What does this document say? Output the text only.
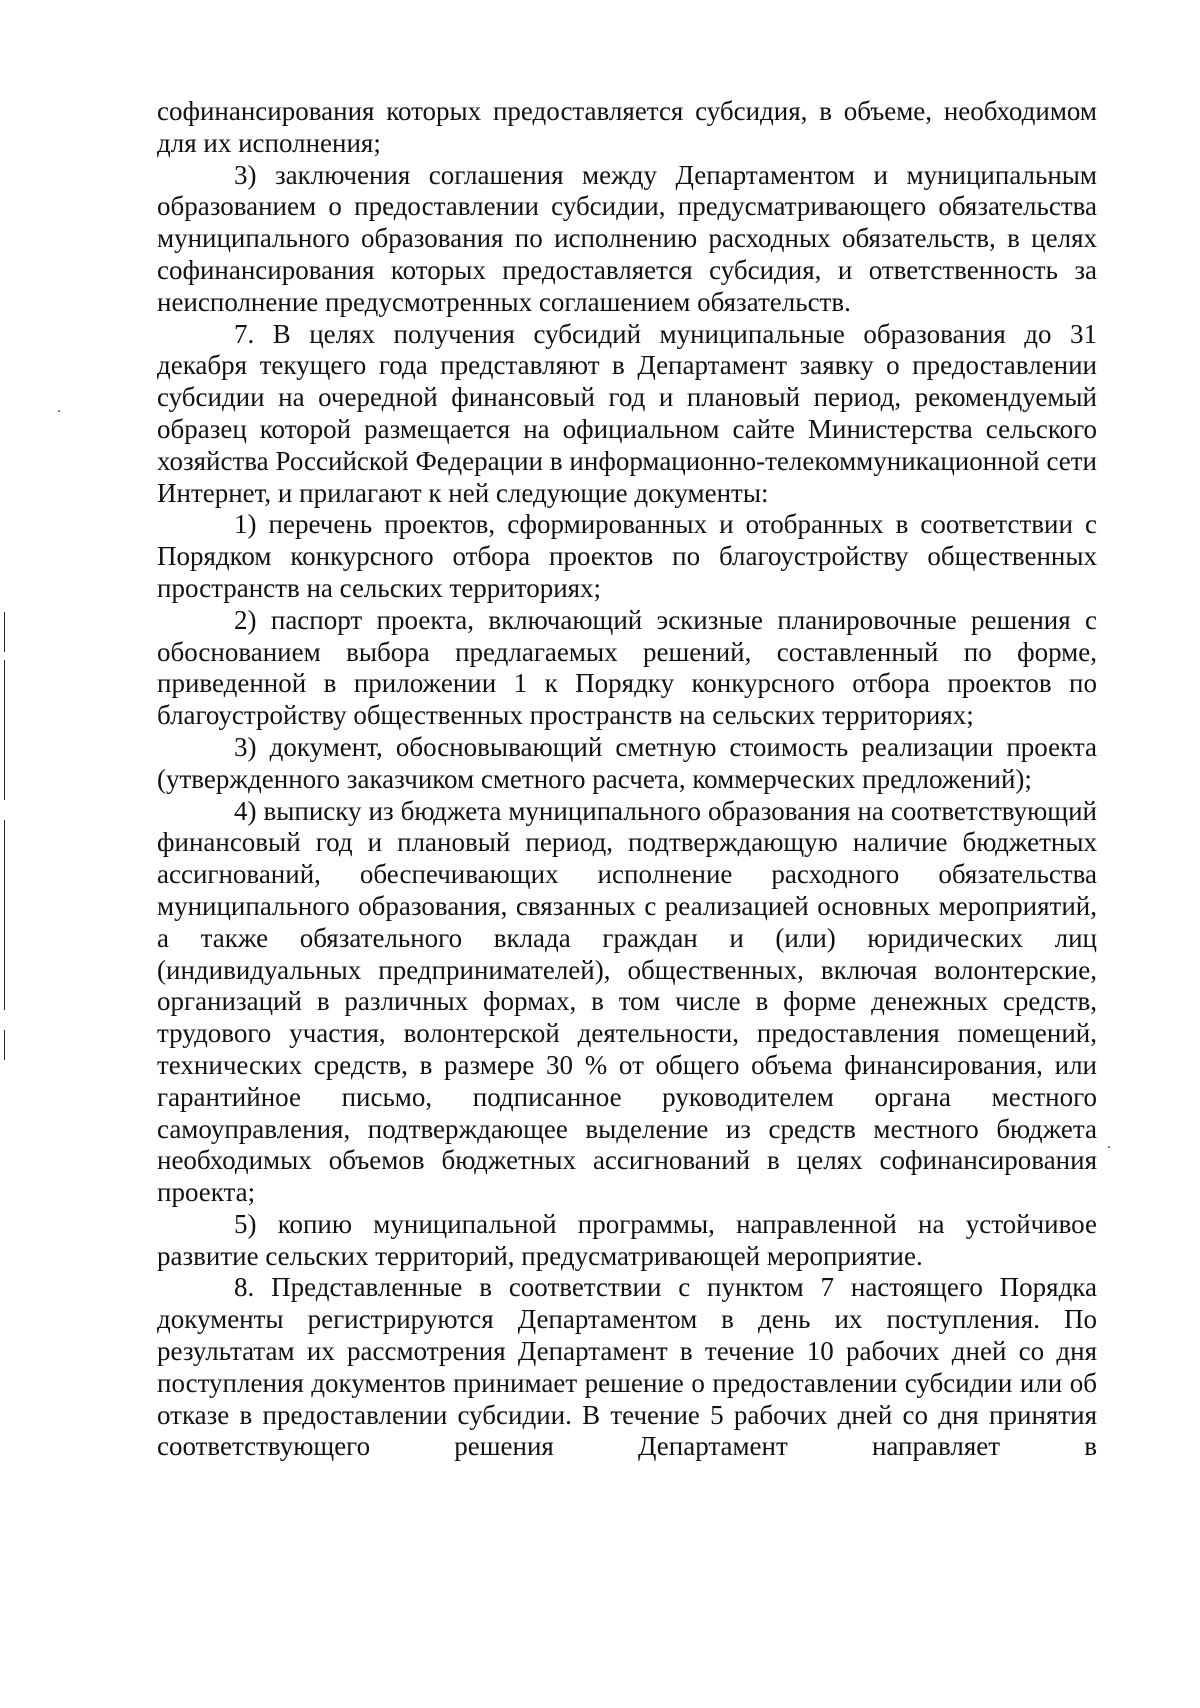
софинансирования которых предоставляется субсидия, в объеме, необходимом для их исполнения;

3) заключения соглашения между Департаментом и муниципальным образованием о предоставлении субсидии, предусматривающего обязательства муниципального образования по исполнению расходных обязательств, в целях софинансирования которых предоставляется субсидия, и ответственность за неисполнение предусмотренных соглашением обязательств.

7. В целях получения субсидий муниципальные образования до 31 декабря текущего года представляют в Департамент заявку о предоставлении субсидии на очередной финансовый год и плановый период, рекомендуемый образец которой размещается на официальном сайте Министерства сельского хозяйства Российской Федерации в информационно-телекоммуникационной сети Интернет, и прилагают к ней следующие документы:

1) перечень проектов, сформированных и отобранных в соответствии с Порядком конкурсного отбора проектов по благоустройству общественных пространств на сельских территориях;

2) паспорт проекта, включающий эскизные планировочные решения с обоснованием выбора предлагаемых решений, составленный по форме, приведенной в приложении 1 к Порядку конкурсного отбора проектов по благоустройству общественных пространств на сельских территориях;

3) документ, обосновывающий сметную стоимость реализации проекта (утвержденного заказчиком сметного расчета, коммерческих предложений);

4) выписку из бюджета муниципального образования на соответствующий финансовый год и плановый период, подтверждающую наличие бюджетных ассигнований, обеспечивающих исполнение расходного обязательства муниципального образования, связанных с реализацией основных мероприятий, а также обязательного вклада граждан и (или) юридических лиц (индивидуальных предпринимателей), общественных, включая волонтерские, организаций в различных формах, в том числе в форме денежных средств, трудового участия, волонтерской деятельности, предоставления помещений, технических средств, в размере 30 % от общего объема финансирования, или гарантийное письмо, подписанное руководителем органа местного самоуправления, подтверждающее выделение из средств местного бюджета необходимых объемов бюджетных ассигнований в целях софинансирования проекта;

5) копию муниципальной программы, направленной на устойчивое развитие сельских территорий, предусматривающей мероприятие.

8. Представленные в соответствии с пунктом 7 настоящего Порядка документы регистрируются Департаментом в день их поступления. По результатам их рассмотрения Департамент в течение 10 рабочих дней со дня поступления документов принимает решение о предоставлении субсидии или об отказе в предоставлении субсидии. В течение 5 рабочих дней со дня принятия соответствующего решения Департамент направляет в
